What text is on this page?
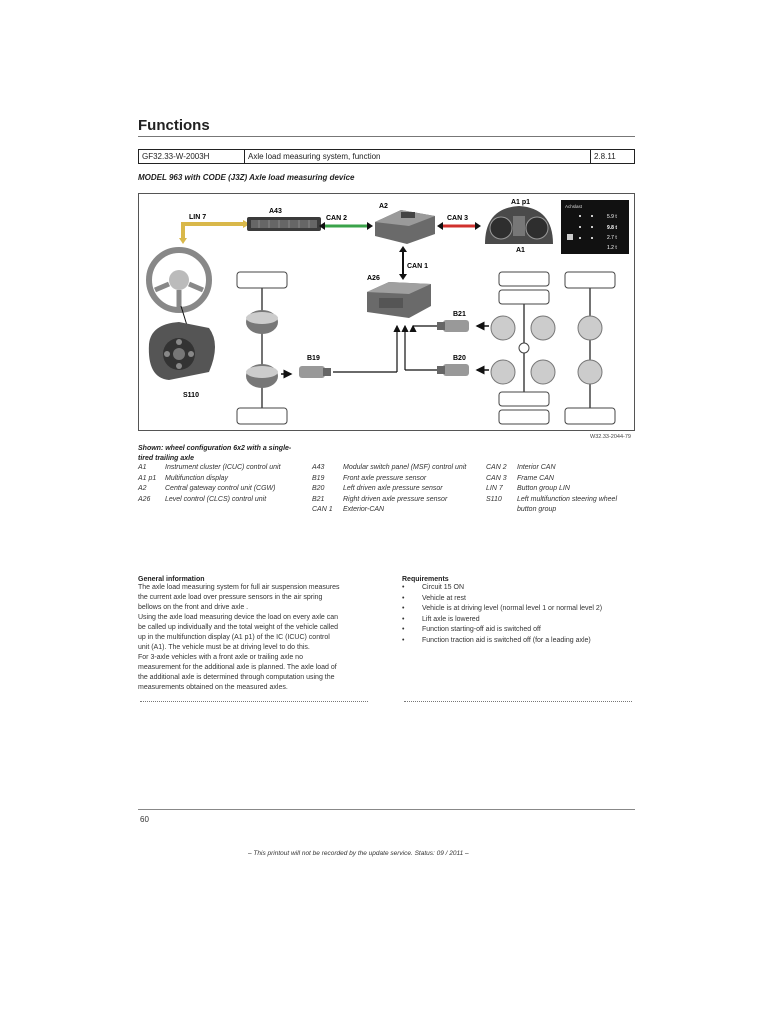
Functions
GF32.33-W-2003H	Axle load measuring system, function	2.8.11
MODEL 963 with CODE (J3Z) Axle load measuring device
LIN 7
A43
CAN 2
A2
CAN 3
A1 p1
A1
Achslast
5.9 t
9.8 t
2.7 t
1.2 t
CAN 1
A26
S110
B19
B21
B20
W32.33-2044-79
Shown: wheel configuration 6x2 with a single-tired trailing axle
A1	Instrument cluster (ICUC) control unit
A1 p1	Multifunction display
A2	Central gateway control unit (CGW)
A26	Level control (CLCS) control unit
A43	Modular switch panel (MSF) control unit
B19	Front axle pressure sensor
B20	Left driven axle pressure sensor
B21	Right driven axle pressure sensor
CAN 1	Exterior-CAN
CAN 2	Interior CAN
CAN 3	Frame CAN
LIN 7	Button group LIN
S110	Left multifunction steering wheel button group
General information
The axle load measuring system for full air suspension measures
the current axle load over pressure sensors in the air spring
bellows on the front and drive axle .
Using the axle load measuring device the load on every axle can
be called up individually and the total weight of the vehicle called
up in the multifunction display (A1 p1) of the IC (ICUC) control
unit (A1). The vehicle must be at driving level to do this.
For 3-axle vehicles with a front axle or trailing axle no
measurement for the additional axle is planned. The axle load of
the additional axle is determined through computation using the
measurements obtained on the measured axles.
Requirements
•	Circuit 15 ON
•	Vehicle at rest
•	Vehicle is at driving level (normal level 1 or normal level 2)
•	Lift axle is lowered
•	Function starting-off aid is switched off
•	Function traction aid is switched off (for a leading axle)
60
– This printout will not be recorded by the update service. Status: 09 / 2011 –
